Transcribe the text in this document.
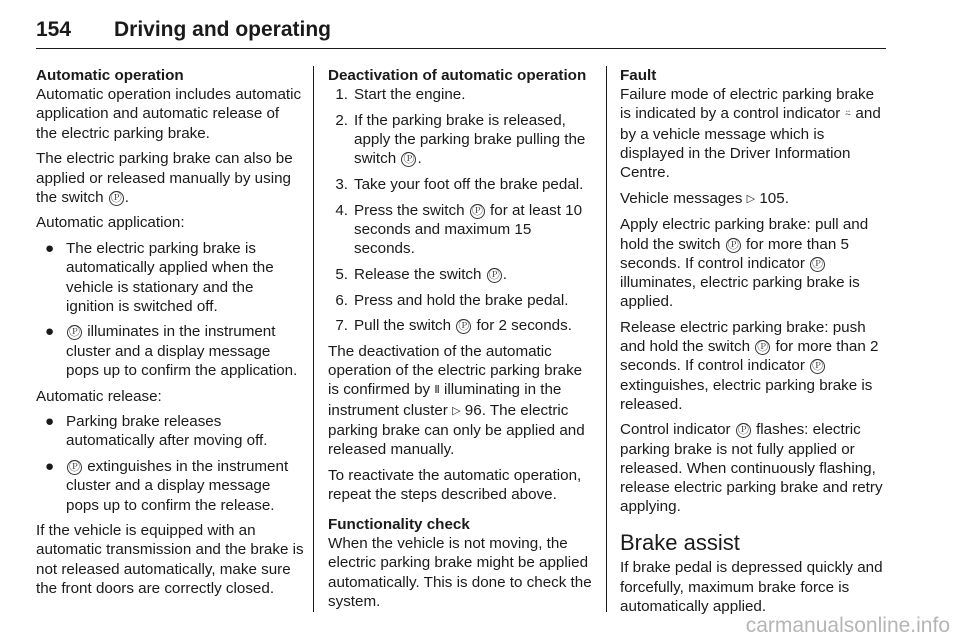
154 Driving and operating
Automatic operation

Automatic operation includes automatic application and automatic release of the electric parking brake.

The electric parking brake can also be applied or released manually by using the switch Ⓟ .

Automatic application:

● The electric parking brake is automatically applied when the vehicle is stationary and the ignition is switched off.
● Ⓟ illuminates in the instrument cluster and a display message pops up to confirm the application.

Automatic release:

● Parking brake releases automatically after moving off.
● Ⓟ extinguishes in the instrument cluster and a display message pops up to confirm the release.

If the vehicle is equipped with an automatic transmission and the brake is not released automatically, make sure the front doors are correctly closed.

Deactivation of automatic operation
1. Start the engine.
2. If the parking brake is released, apply the parking brake pulling the switch Ⓟ .
3. Take your foot off the brake pedal.
4. Press the switch Ⓟ for at least 10 seconds and maximum 15 seconds.
5. Release the switch Ⓟ .
6. Press and hold the brake pedal.
7. Pull the switch Ⓟ for 2 seconds.

The deactivation of the automatic operation of the electric parking brake is confirmed by Ⅱ illuminating in the instrument cluster ▷ 96. The electric parking brake can only be applied and released manually.

To reactivate the automatic operation, repeat the steps described above.

Functionality check

When the vehicle is not moving, the electric parking brake might be applied automatically. This is done to check the system.

Fault

Failure mode of electric parking brake is indicated by a control indicator ⍨ and by a vehicle message which is displayed in the Driver Information Centre.

Vehicle messages ▷ 105.

Apply electric parking brake: pull and hold the switch Ⓟ for more than 5 seconds. If control indicator Ⓟ illuminates, electric parking brake is applied.

Release electric parking brake: push and hold the switch Ⓟ for more than 2 seconds. If control indicator Ⓟ extinguishes, electric parking brake is released.

Control indicator Ⓟ flashes: electric parking brake is not fully applied or released. When continuously flashing, release electric parking brake and retry applying.

Brake assist

If brake pedal is depressed quickly and forcefully, maximum brake force is automatically applied.

carmanualsonline.info
